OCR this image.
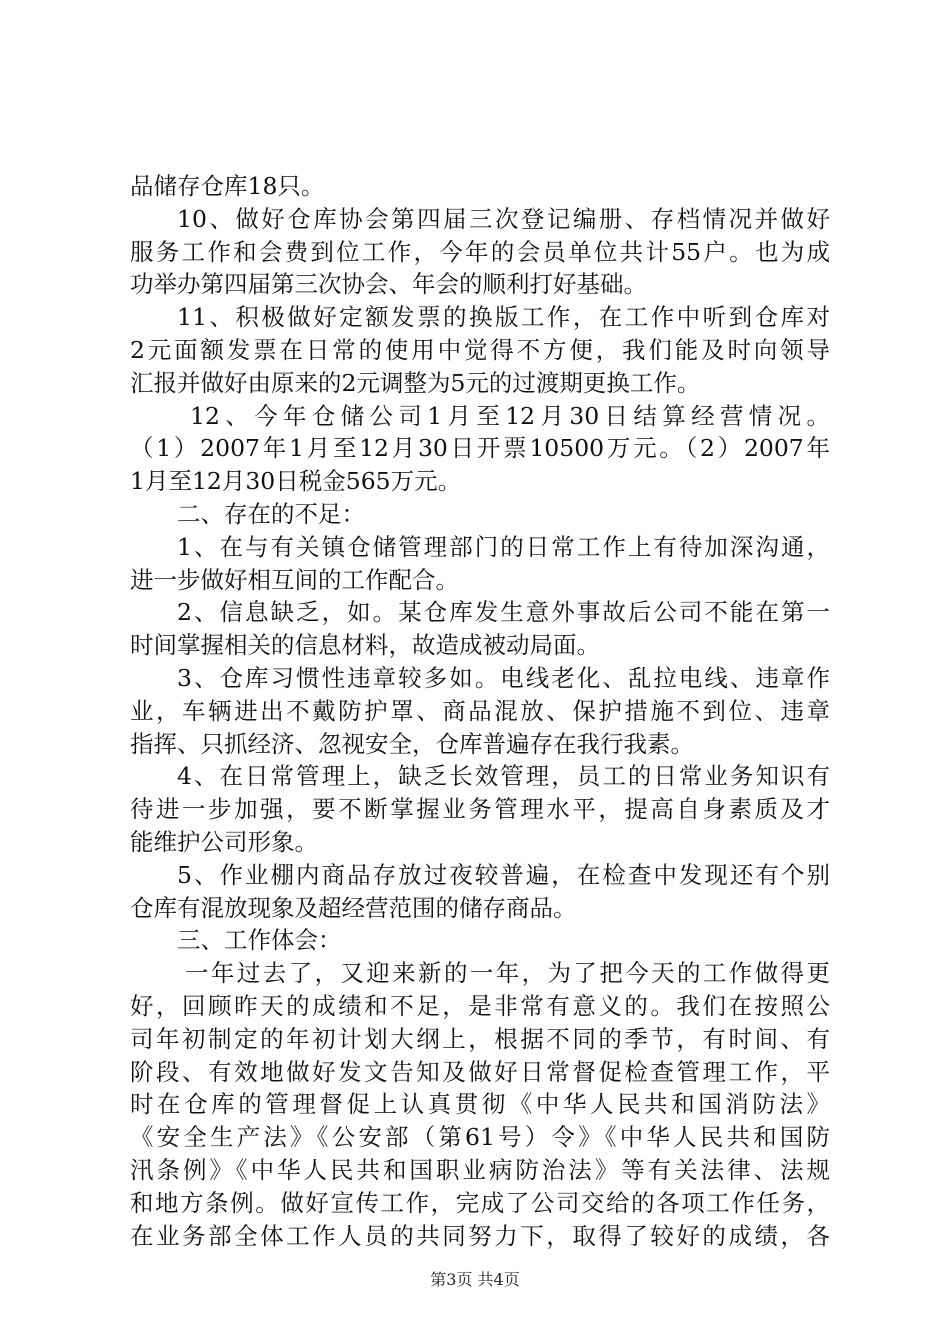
品储存仓库18只。
10、做好仓库协会第四届三次登记编册、存档情况并做好
服务工作和会费到位工作，今年的会员单位共计55户。也为成
功举办第四届第三次协会、年会的顺利打好基础。
11、积极做好定额发票的换版工作，在工作中听到仓库对
2元面额发票在日常的使用中觉得不方便，我们能及时向领导
汇报并做好由原来的2元调整为5元的过渡期更换工作。
12、今年仓储公司1月至12月30日结算经营情况。
（1）2007年1月至12月30日开票10500万元。（2）2007年
1月至12月30日税金565万元。
二、存在的不足：
1、在与有关镇仓储管理部门的日常工作上有待加深沟通，
进一步做好相互间的工作配合。
2、信息缺乏，如。某仓库发生意外事故后公司不能在第一
时间掌握相关的信息材料，故造成被动局面。
3、仓库习惯性违章较多如。电线老化、乱拉电线、违章作
业，车辆进出不戴防护罩、商品混放、保护措施不到位、违章
指挥、只抓经济、忽视安全，仓库普遍存在我行我素。
4、在日常管理上，缺乏长效管理，员工的日常业务知识有
待进一步加强，要不断掌握业务管理水平，提高自身素质及才
能维护公司形象。
5、作业棚内商品存放过夜较普遍，在检查中发现还有个别
仓库有混放现象及超经营范围的储存商品。
三、工作体会：
一年过去了，又迎来新的一年，为了把今天的工作做得更
好，回顾昨天的成绩和不足，是非常有意义的。我们在按照公
司年初制定的年初计划大纲上，根据不同的季节，有时间、有
阶段、有效地做好发文告知及做好日常督促检查管理工作，平
时在仓库的管理督促上认真贯彻《中华人民共和国消防法》
《安全生产法》《公安部（第61号）令》《中华人民共和国防
汛条例》《中华人民共和国职业病防治法》等有关法律、法规
和地方条例。做好宣传工作，完成了公司交给的各项工作任务，
在业务部全体工作人员的共同努力下，取得了较好的成绩，各
第3页 共4页
